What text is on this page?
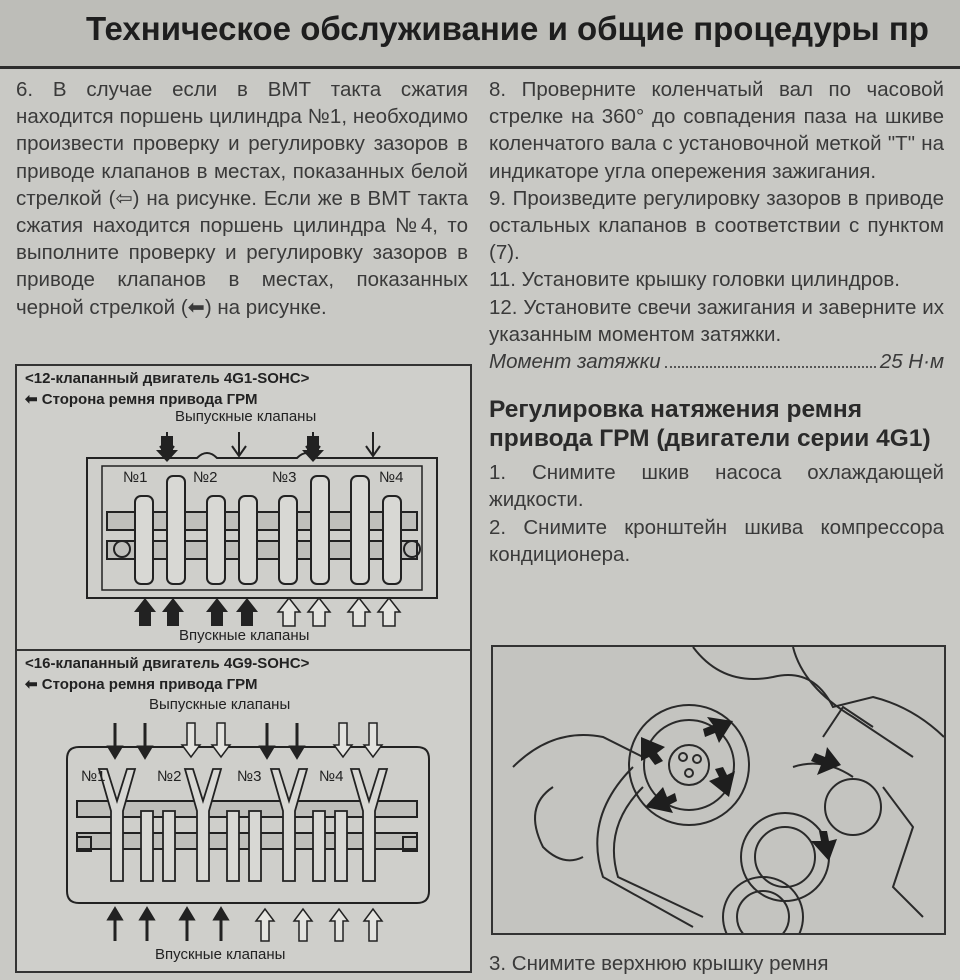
Техническое обслуживание и общие процедуры пр

6. В случае если в ВМТ такта сжатия находится поршень цилиндра №1, необходимо произвести проверку и регулировку зазоров в приводе клапанов в местах, показанных белой стрелкой (⇦) на рисунке. Если же в ВМТ такта сжатия находится поршень цилиндра №4, то выполните проверку и регулировку зазоров в приводе клапанов в местах, показанных черной стрелкой (⬅) на рисунке.

<12-клапанный двигатель 4G1-SOHC>
⬅ Сторона ремня привода ГРМ
Выпускные клапаны
Впускные клапаны
№1	№2	№3	№4
<16-клапанный двигатель 4G9-SOHC>
⬅ Сторона ремня привода ГРМ
Выпускные клапаны
Впускные клапаны
№1	№2	№3	№4

8. Проверните коленчатый вал по часовой стрелке на 360° до совпадения паза на шкиве коленчатого вала с установочной меткой "T" на индикаторе угла опережения зажигания.

9. Произведите регулировку зазоров в приводе остальных клапанов в соответствии с пунктом (7).

11. Установите крышку головки цилиндров.

12. Установите свечи зажигания и заверните их указанным моментом затяжки.

Момент затяжки	25 Н·м
Регулировка натяжения ремня привода ГРМ (двигатели серии 4G1)

1. Снимите шкив насоса охлаждающей жидкости.

2. Снимите кронштейн шкива компрессора кондиционера.

3. Снимите верхнюю крышку ремня
